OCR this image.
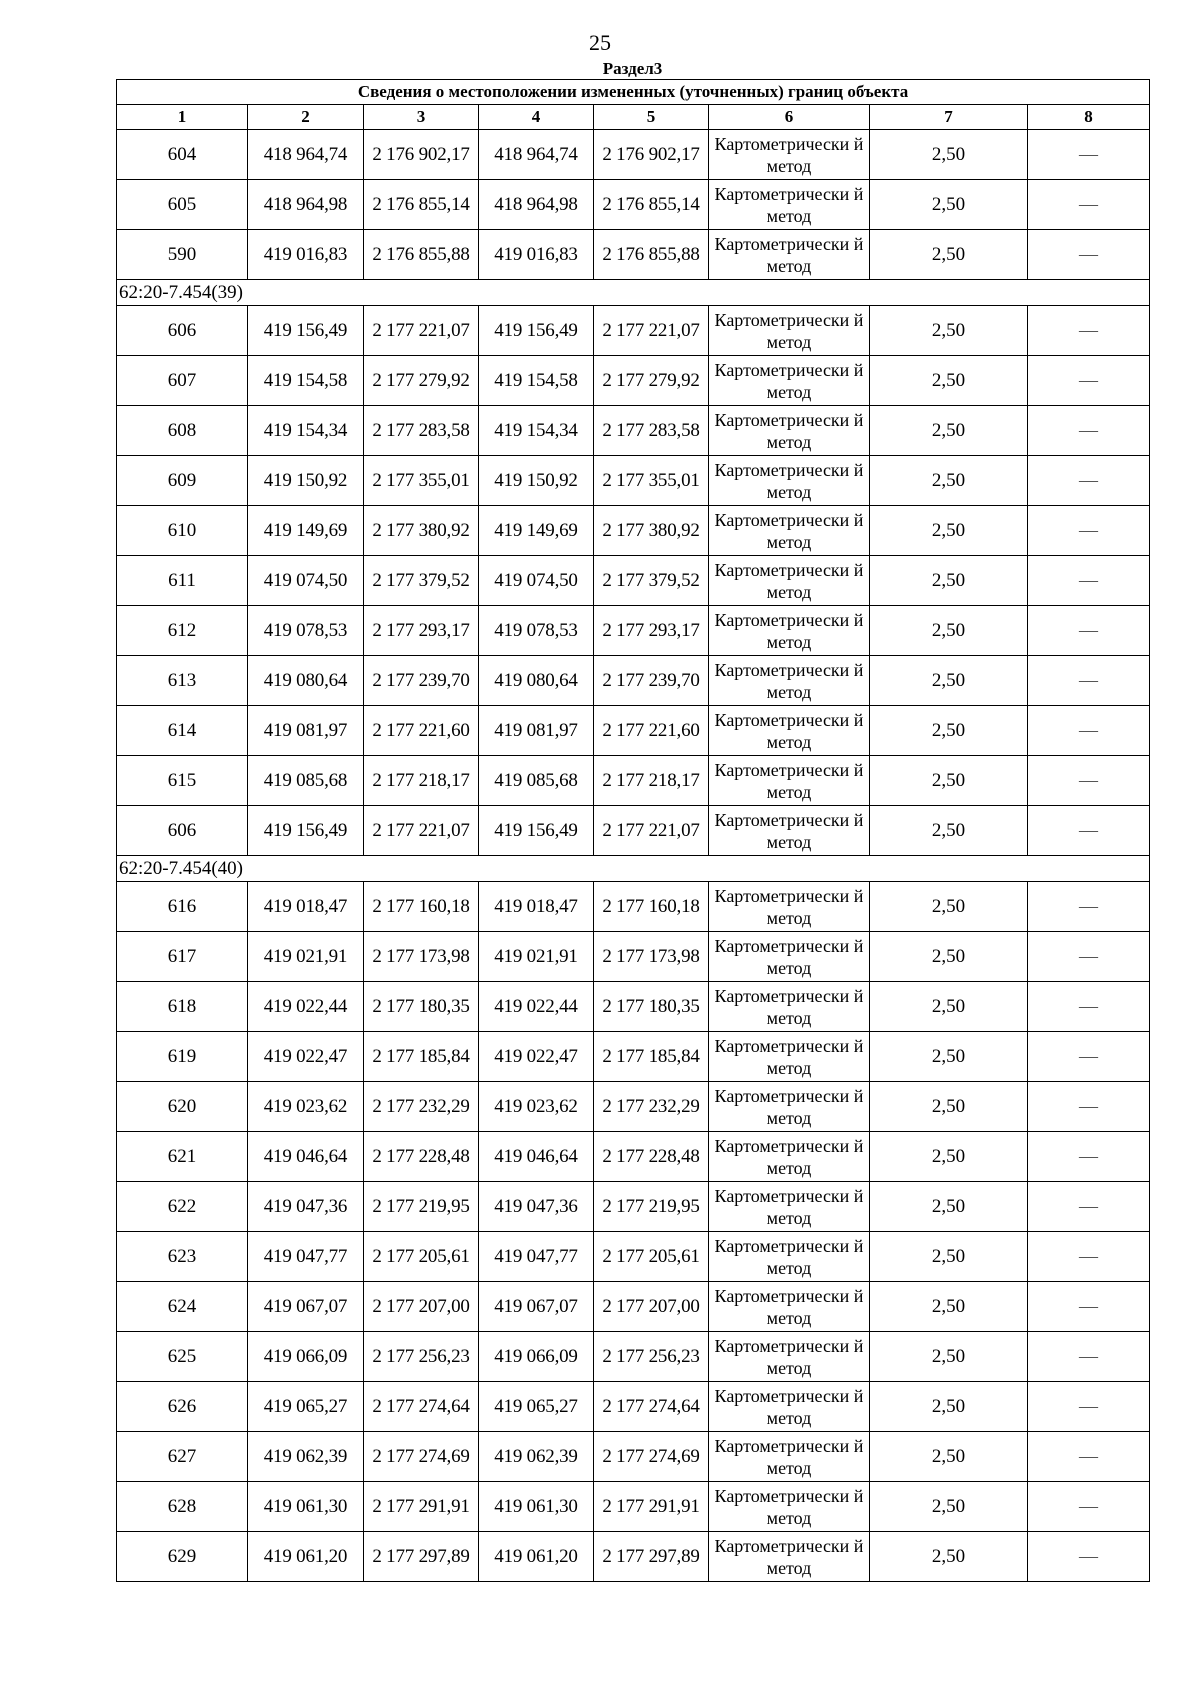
25
Раздел3
Сведения о местоположении измененных (уточненных) границ объекта							
1	2	3	4	5	6	7	8
604	418 964,74	2 176 902,17	418 964,74	2 176 902,17	Картометрически й метод	2,50	—
605	418 964,98	2 176 855,14	418 964,98	2 176 855,14	Картометрически й метод	2,50	—
590	419 016,83	2 176 855,88	419 016,83	2 176 855,88	Картометрически й метод	2,50	—
62:20-7.454(39)							
606	419 156,49	2 177 221,07	419 156,49	2 177 221,07	Картометрически й метод	2,50	—
607	419 154,58	2 177 279,92	419 154,58	2 177 279,92	Картометрически й метод	2,50	—
608	419 154,34	2 177 283,58	419 154,34	2 177 283,58	Картометрически й метод	2,50	—
609	419 150,92	2 177 355,01	419 150,92	2 177 355,01	Картометрически й метод	2,50	—
610	419 149,69	2 177 380,92	419 149,69	2 177 380,92	Картометрически й метод	2,50	—
611	419 074,50	2 177 379,52	419 074,50	2 177 379,52	Картометрически й метод	2,50	—
612	419 078,53	2 177 293,17	419 078,53	2 177 293,17	Картометрически й метод	2,50	—
613	419 080,64	2 177 239,70	419 080,64	2 177 239,70	Картометрически й метод	2,50	—
614	419 081,97	2 177 221,60	419 081,97	2 177 221,60	Картометрически й метод	2,50	—
615	419 085,68	2 177 218,17	419 085,68	2 177 218,17	Картометрически й метод	2,50	—
606	419 156,49	2 177 221,07	419 156,49	2 177 221,07	Картометрически й метод	2,50	—
62:20-7.454(40)							
616	419 018,47	2 177 160,18	419 018,47	2 177 160,18	Картометрически й метод	2,50	—
617	419 021,91	2 177 173,98	419 021,91	2 177 173,98	Картометрически й метод	2,50	—
618	419 022,44	2 177 180,35	419 022,44	2 177 180,35	Картометрически й метод	2,50	—
619	419 022,47	2 177 185,84	419 022,47	2 177 185,84	Картометрически й метод	2,50	—
620	419 023,62	2 177 232,29	419 023,62	2 177 232,29	Картометрически й метод	2,50	—
621	419 046,64	2 177 228,48	419 046,64	2 177 228,48	Картометрически й метод	2,50	—
622	419 047,36	2 177 219,95	419 047,36	2 177 219,95	Картометрически й метод	2,50	—
623	419 047,77	2 177 205,61	419 047,77	2 177 205,61	Картометрически й метод	2,50	—
624	419 067,07	2 177 207,00	419 067,07	2 177 207,00	Картометрически й метод	2,50	—
625	419 066,09	2 177 256,23	419 066,09	2 177 256,23	Картометрически й метод	2,50	—
626	419 065,27	2 177 274,64	419 065,27	2 177 274,64	Картометрически й метод	2,50	—
627	419 062,39	2 177 274,69	419 062,39	2 177 274,69	Картометрически й метод	2,50	—
628	419 061,30	2 177 291,91	419 061,30	2 177 291,91	Картометрически й метод	2,50	—
629	419 061,20	2 177 297,89	419 061,20	2 177 297,89	Картометрически й метод	2,50	—
